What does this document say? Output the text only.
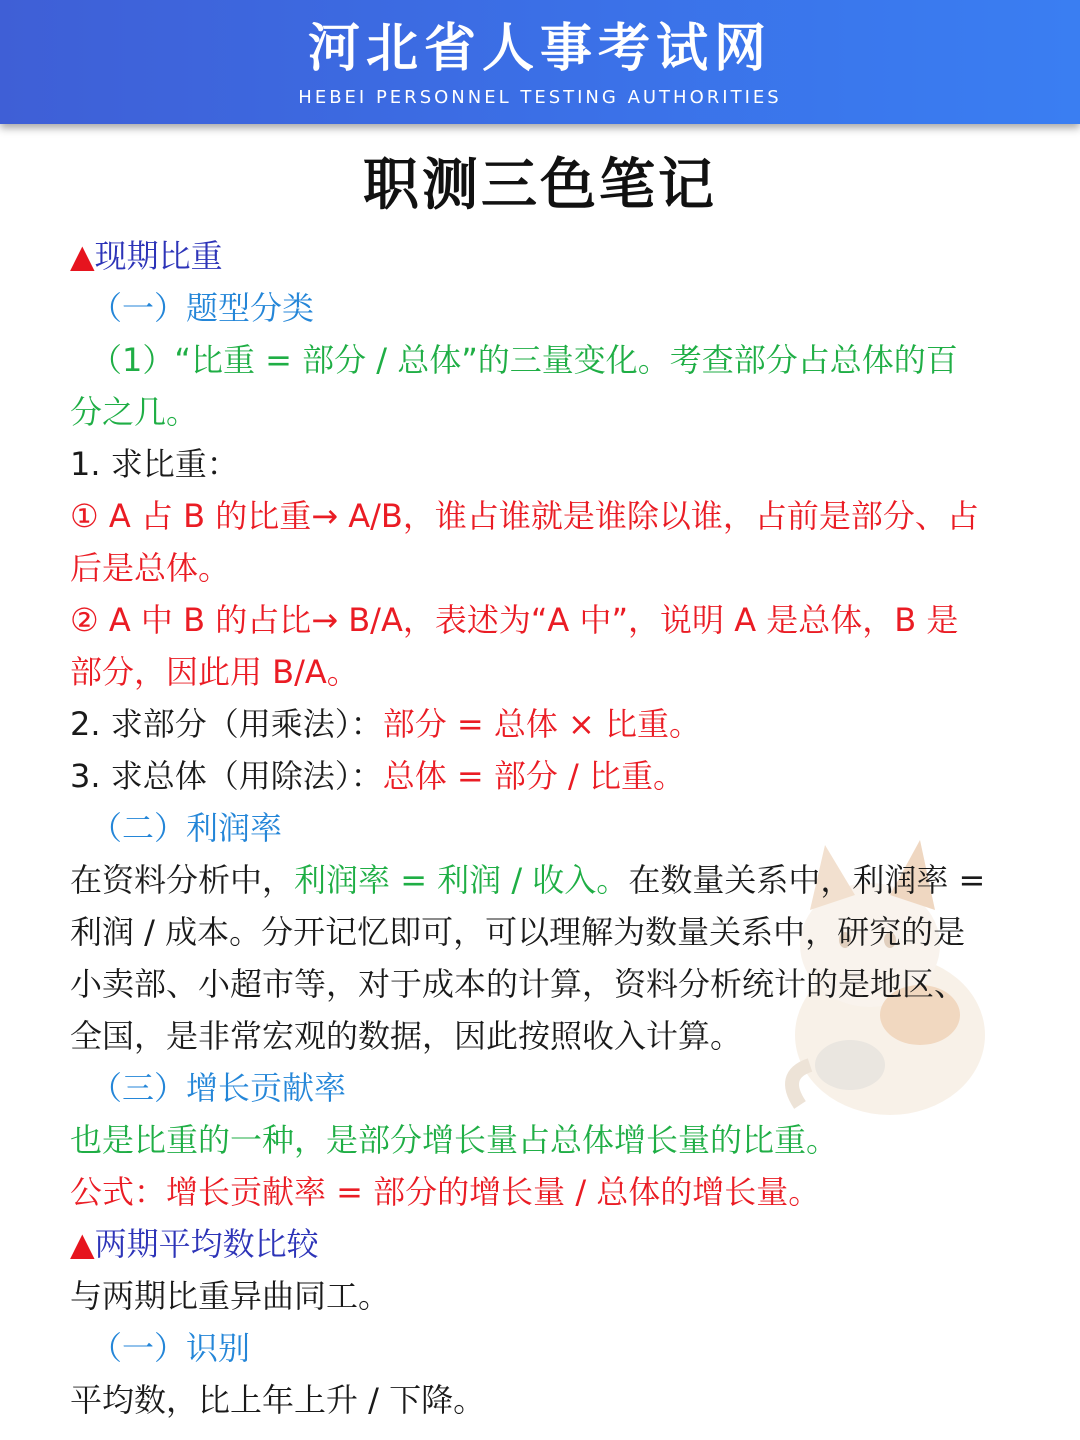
河北省人事考试网
HEBEI PERSONNEL TESTING AUTHORITIES
职测三色笔记

▲现期比重

（一）题型分类

（1）“比重 = 部分 / 总体”的三量变化。考查部分占总体的百

分之几。

1. 求比重：

① A 占 B 的比重→ A/B，谁占谁就是谁除以谁，占前是部分、占

后是总体。

② A 中 B 的占比→ B/A，表述为“A 中”，说明 A 是总体，B 是

部分，因此用 B/A。

2. 求部分（用乘法）：部分 = 总体 × 比重。

3. 求总体（用除法）：总体 = 部分 / 比重。

（二）利润率

在资料分析中，利润率 = 利润 / 收入。在数量关系中，利润率 =

利润 / 成本。分开记忆即可，可以理解为数量关系中，研究的是

小卖部、小超市等，对于成本的计算，资料分析统计的是地区、

全国，是非常宏观的数据，因此按照收入计算。

（三）增长贡献率

也是比重的一种，是部分增长量占总体增长量的比重。

公式：增长贡献率 = 部分的增长量 / 总体的增长量。

▲两期平均数比较

与两期比重异曲同工。

（一）识别

平均数，比上年上升 / 下降。
